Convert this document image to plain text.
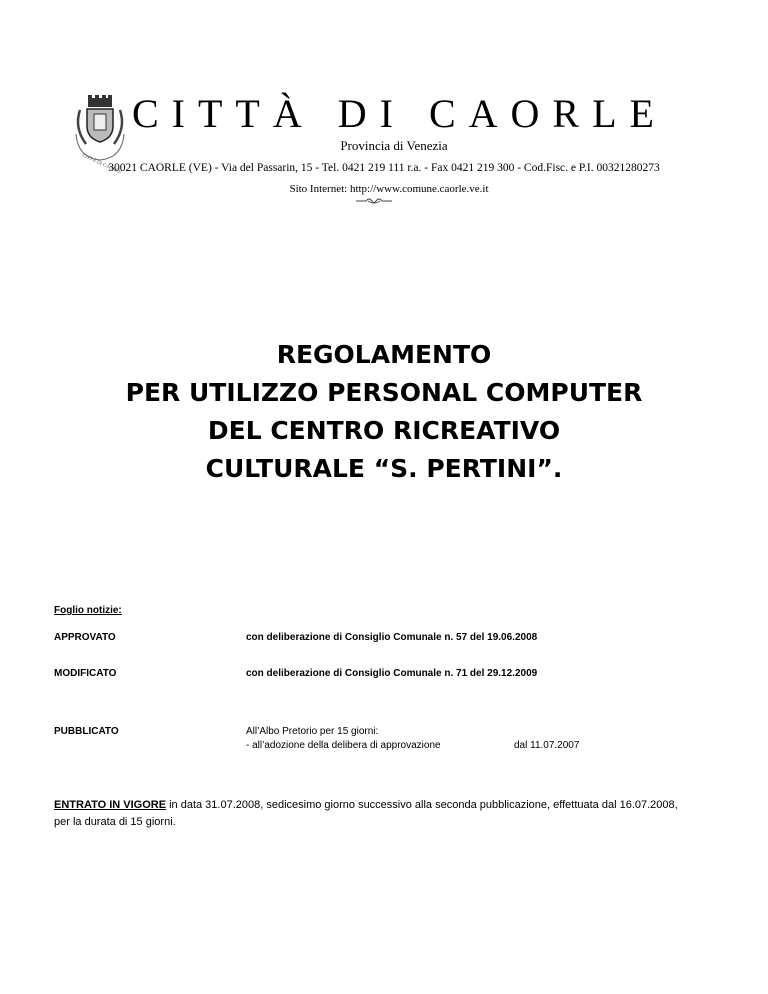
CITTÀ DI CAORLE
CITTÀ DI CAORLE
Provincia di Venezia
30021 CAORLE (VE) - Via del Passarin, 15 - Tel. 0421 219 111 r.a. - Fax 0421 219 300 - Cod.Fisc. e P.I. 00321280273
Sito Internet: http://www.comune.caorle.ve.it
REGOLAMENTO
PER UTILIZZO PERSONAL COMPUTER
DEL CENTRO RICREATIVO
CULTURALE “S. PERTINI”.
Foglio notizie:
APPROVATO	con deliberazione di Consiglio Comunale n. 57 del 19.06.2008
MODIFICATO	con deliberazione di Consiglio Comunale n. 71 del 29.12.2009
PUBBLICATO	All’Albo Pretorio per 15 giorni:
- all’adozione della delibera di approvazione	dal 11.07.2007
ENTRATO IN VIGORE in data 31.07.2008, sedicesimo giorno successivo alla seconda pubblicazione, effettuata dal 16.07.2008, per la durata di 15 giorni.
